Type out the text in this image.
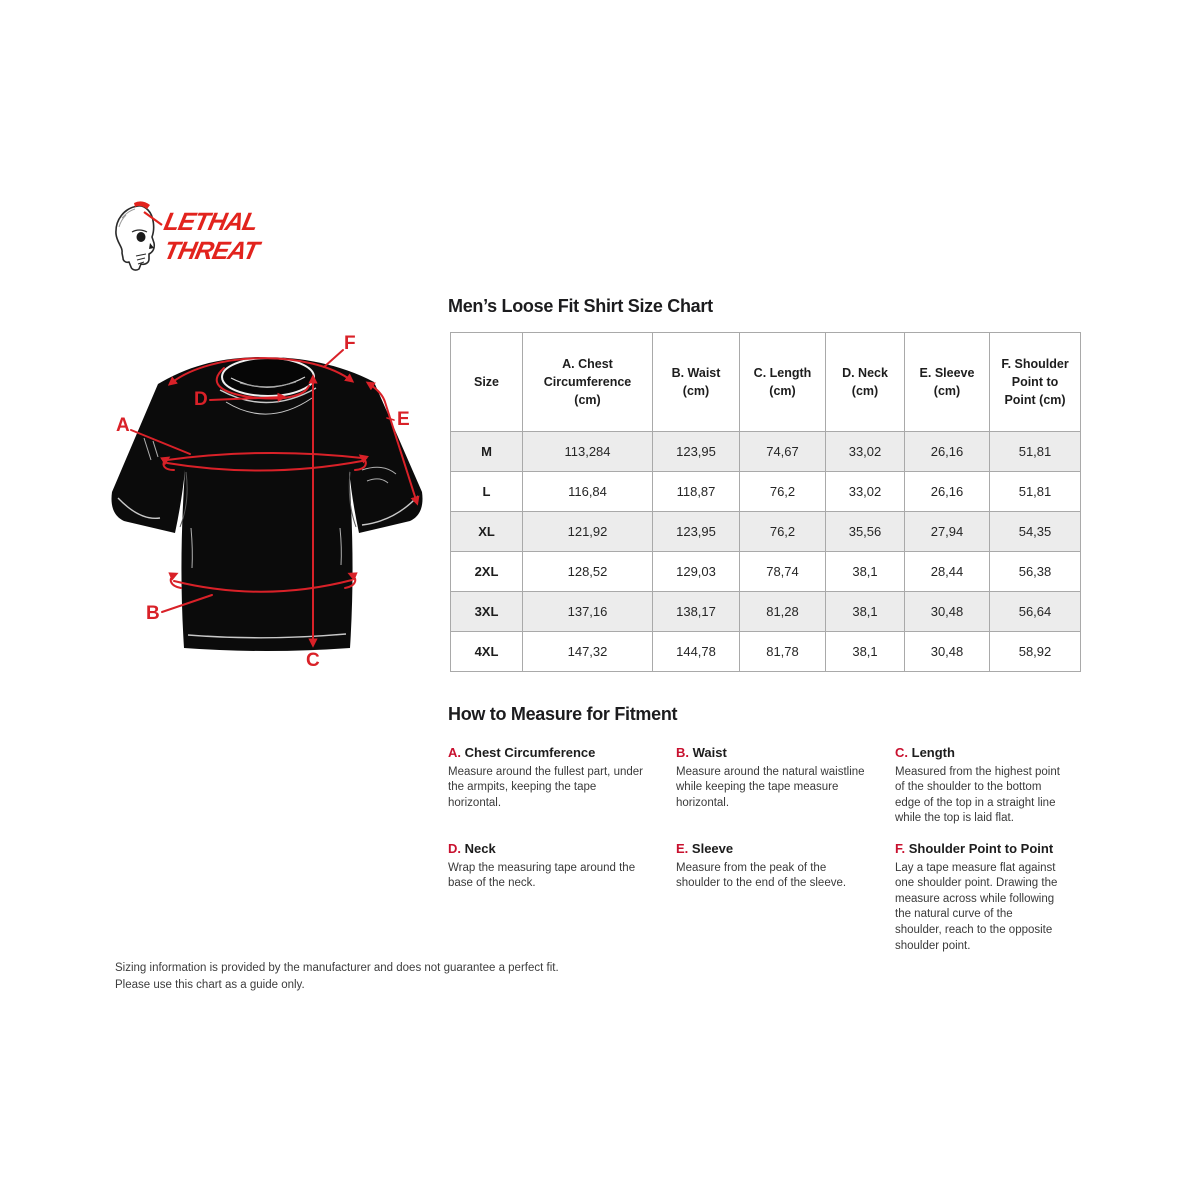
LETHAL
THREAT
A
B
C
D
E
F
Men’s Loose Fit Shirt Size Chart
Size	A. Chest Circumference (cm)	B. Waist (cm)	C. Length (cm)	D. Neck (cm)	E. Sleeve (cm)	F. Shoulder Point to Point (cm)
M	113,284	123,95	74,67	33,02	26,16	51,81
L	116,84	118,87	76,2	33,02	26,16	51,81
XL	121,92	123,95	76,2	35,56	27,94	54,35
2XL	128,52	129,03	78,74	38,1	28,44	56,38
3XL	137,16	138,17	81,28	38,1	30,48	56,64
4XL	147,32	144,78	81,78	38,1	30,48	58,92
How to Measure for Fitment
A. Chest Circumference

Measure around the fullest part, under the armpits, keeping the tape horizontal.

B. Waist

Measure around the natural waistline while keeping the tape measure horizontal.

C. Length

Measured from the highest point of the shoulder to the bottom edge of the top in a straight line while the top is laid flat.

D. Neck

Wrap the measuring tape around the base of the neck.

E. Sleeve

Measure from the peak of the shoulder to the end of the sleeve.

F. Shoulder Point to Point

Lay a tape measure flat against one shoulder point. Drawing the measure across while following the natural curve of the shoulder, reach to the opposite shoulder point.

Sizing information is provided by the manufacturer and does not guarantee a perfect fit.
Please use this chart as a guide only.
